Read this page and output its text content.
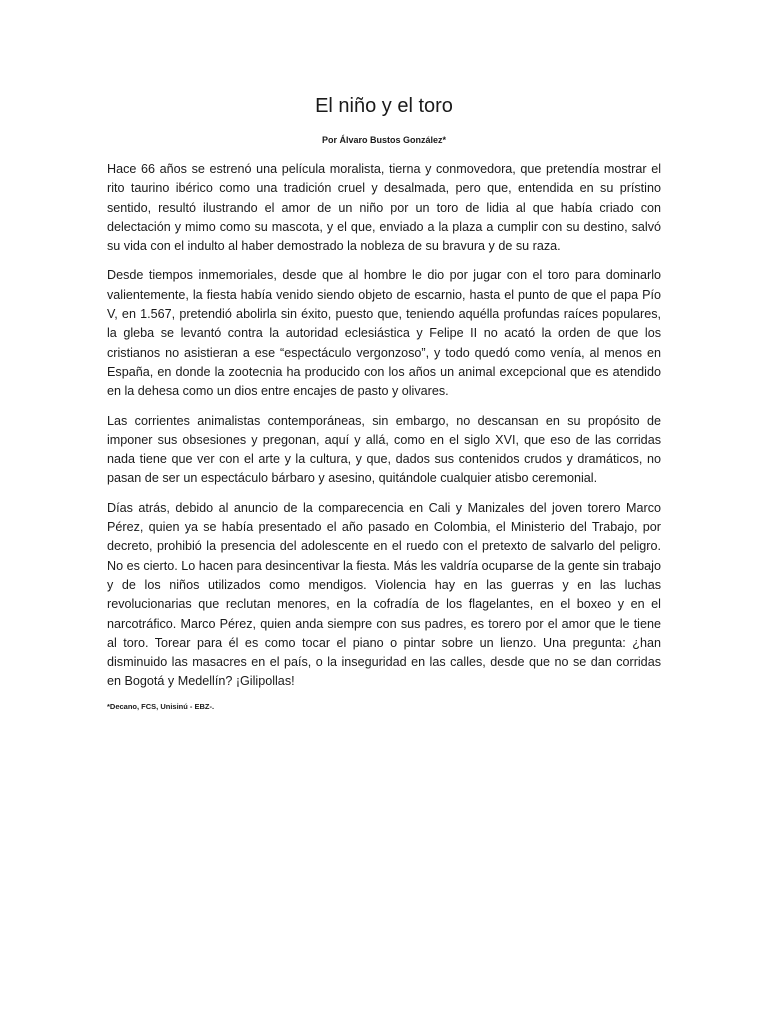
El niño y el toro
Por Álvaro Bustos González*

Hace 66 años se estrenó una película moralista, tierna y conmovedora, que pretendía mostrar el rito taurino ibérico como una tradición cruel y desalmada, pero que, entendida en su prístino sentido, resultó ilustrando el amor de un niño por un toro de lidia al que había criado con delectación y mimo como su mascota, y el que, enviado a la plaza a cumplir con su destino, salvó su vida con el indulto al haber demostrado la nobleza de su bravura y de su raza.

Desde tiempos inmemoriales, desde que al hombre le dio por jugar con el toro para dominarlo valientemente, la fiesta había venido siendo objeto de escarnio, hasta el punto de que el papa Pío V, en 1.567, pretendió abolirla sin éxito, puesto que, teniendo aquélla profundas raíces populares, la gleba se levantó contra la autoridad eclesiástica y Felipe II no acató la orden de que los cristianos no asistieran a ese “espectáculo vergonzoso”, y todo quedó como venía, al menos en España, en donde la zootecnia ha producido con los años un animal excepcional que es atendido en la dehesa como un dios entre encajes de pasto y olivares.

Las corrientes animalistas contemporáneas, sin embargo, no descansan en su propósito de imponer sus obsesiones y pregonan, aquí y allá, como en el siglo XVI, que eso de las corridas nada tiene que ver con el arte y la cultura, y que, dados sus contenidos crudos y dramáticos, no pasan de ser un espectáculo bárbaro y asesino, quitándole cualquier atisbo ceremonial.

Días atrás, debido al anuncio de la comparecencia en Cali y Manizales del joven torero Marco Pérez, quien ya se había presentado el año pasado en Colombia, el Ministerio del Trabajo, por decreto, prohibió la presencia del adolescente en el ruedo con el pretexto de salvarlo del peligro. No es cierto. Lo hacen para desincentivar la fiesta. Más les valdría ocuparse de la gente sin trabajo y de los niños utilizados como mendigos. Violencia hay en las guerras y en las luchas revolucionarias que reclutan menores, en la cofradía de los flagelantes, en el boxeo y en el narcotráfico. Marco Pérez, quien anda siempre con sus padres, es torero por el amor que le tiene al toro. Torear para él es como tocar el piano o pintar sobre un lienzo. Una pregunta: ¿han disminuido las masacres en el país, o la inseguridad en las calles, desde que no se dan corridas en Bogotá y Medellín? ¡Gilipollas!

*Decano, FCS, Unisinú - EBZ-.
